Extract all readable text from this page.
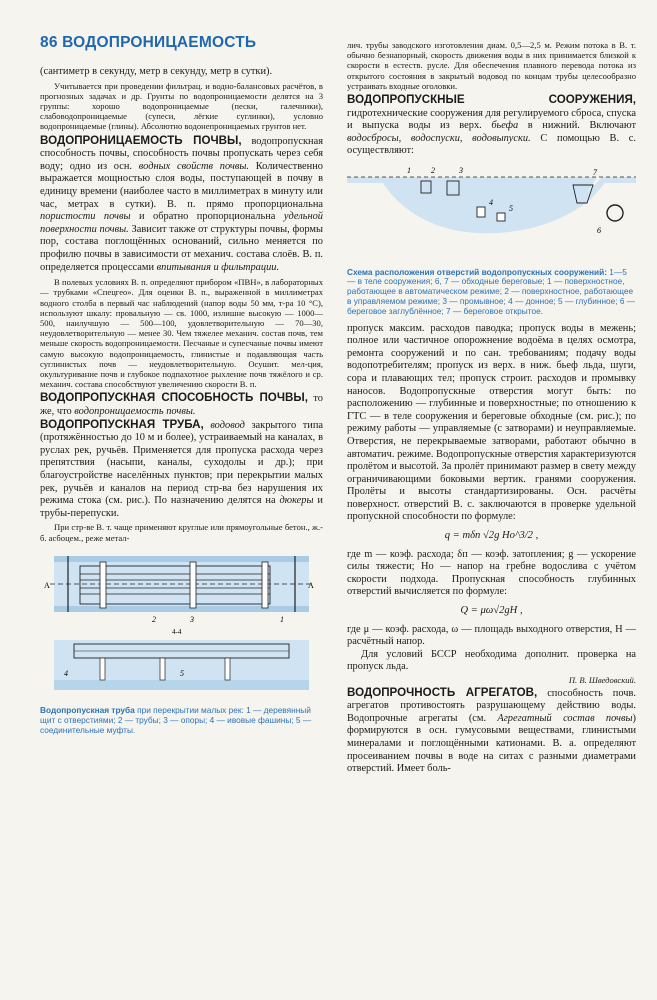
86 ВОДОПРОНИЦАЕМОСТЬ

(сантиметр в секунду, метр в секунду, метр в сутки).

Учитывается при проведении фильтрац. и водно-балансовых расчётов, в прогнозных задачах и др. Грунты по водопроницаемости делятся на 3 группы: хорошо водопроницаемые (пески, галечники), слабоводопроницаемые (супеси, лёгкие суглинки), условно водопроницаемые (глины). Абсолютно водонепроницаемых грунтов нет.

ВОДОПРОНИЦАЕМОСТЬ ПОЧВЫ, водопропускная способность почвы, способность почвы пропускать через себя воду; одно из осн. водных свойств почвы. Количественно выражается мощностью слоя воды, поступающей в почву в единицу времени (наиболее часто в миллиметрах в минуту или час, метрах в сутки). В. п. прямо пропорциональна пористости почвы и обратно пропорциональна удельной поверхности почвы. Зависит также от структуры почвы, формы пор, состава поглощённых оснований, сильно меняется по профилю почвы в зависимости от механич. состава слоёв. В. п. определяется процессами впитывания и фильтрации.

В полевых условиях В. п. определяют прибором «ПВН», в лабораторных — трубками «Спецгео». Для оценки В. п., выраженной в миллиметрах водного столба в первый час наблюдений (напор воды 50 мм, т-ра 10 °С), используют шкалу: провальную — св. 1000, излишне высокую — 1000—500, наилучшую — 500—100, удовлетворительную — 70—30, неудовлетворительную — менее 30. Чем тяжелее механич. состав почв, тем меньше скорость водопроницаемости. Песчаные и супесчаные почвы имеют самую высокую водопроницаемость, глинистые и подавляющая часть суглинистых почв — неудовлетворительную. Осушит. мел-ция, окультуривание почв и глубокое подпахотное рыхление почв тяжёлого и ср. механич. состава способствуют увеличению скорости В. п.

ВОДОПРОПУСКНАЯ СПОСОБНОСТЬ ПОЧВЫ, то же, что водопроницаемость почвы.

ВОДОПРОПУСКНАЯ ТРУБА, водовод закрытого типа (протяжённостью до 10 м и более), устраиваемый на каналах, в руслах рек, ручьёв. Применяется для пропуска расхода через препятствия (насыпи, каналы, суходолы и др.); при благоустройстве населённых пунктов; при перекрытии малых рек, ручьёв и каналов на период стр-ва без нарушения их режима стока (см. рис.). По назначению делятся на дюкеры и трубы-перепуски.

При стр-ве В. т. чаще применяют круглые или прямоугольные бетон., ж.-б. асбоцем., реже метал-

А	А
2	3	1
4-4
5
4
Водопропускная труба при перекрытии малых рек: 1 — деревянный щит с отверстиями; 2 — трубы; 3 — опоры; 4 — ивовые фашины; 5 — соединительные муфты.

лич. трубы заводского изготовления диам. 0,5—2,5 м. Режим потока в В. т. обычно безнапорный, скорость движения воды в них принимается близкой к скорости в естеств. русле. Для обеспечения плавного перевода потока из открытого состояния в закрытый водовод по концам трубы целесообразно устраивать входные оголовки.

ВОДОПРОПУСКНЫЕ СООРУЖЕНИЯ, гидротехнические сооружения для регулируемого сброса, спуска и выпуска воды из верх. бьефа в нижний. Включают водосбросы, водоспуски, водовыпуски. С помощью В. с. осуществляют:

1	2	3
4
5
6
7
Схема расположения отверстий водопропускных сооружений: 1—5 — в теле сооружения; 6, 7 — обходные береговые; 1 — поверхностное, работающее в автоматическом режиме; 2 — поверхностное, работающее в управляемом режиме; 3 — промывное; 4 — донное; 5 — глубинное; 6 — береговое заглублённое; 7 — береговое открытое.

пропуск максим. расходов паводка; пропуск воды в межень; полное или частичное опорожнение водоёма в целях осмотра, ремонта сооружений и по сан. требованиям; подачу воды водопотребителям; пропуск из верх. в ниж. бьеф льда, шуги, сора и плавающих тел; пропуск строит. расходов и промывку наносов. Водопропускные отверстия могут быть: по расположению — глубинные и поверхностные; по отношению к ГТС — в теле сооружения и береговые обходные (см. рис.); по режиму работы — управляемые (с затворами) и неуправляемые. Отверстия, не перекрываемые затворами, работают обычно в автоматич. режиме. Водопропускные отверстия характеризуются пролётом и высотой. За пролёт принимают размер в свету между ограничивающими боковыми вертик. гранями сооружения. Пролёты и высоты стандартизированы. Осн. расчёты поверхност. отверстий В. с. заключаются в проверке удельной пропускной способности по формуле:

q = mδп √2g Hо^3/2 ,

где m — коэф. расхода; δп — коэф. затопления; g — ускорение силы тяжести; Hо — напор на гребне водослива с учётом скорости подхода. Пропускная способность глубинных отверстий вычисляется по формуле:

Q = μω√2gH ,

где μ — коэф. расхода, ω — площадь выходного отверстия, H — расчётный напор.

Для условий БССР необходима дополнит. проверка на пропуск льда.

П. В. Шведовский.

ВОДОПРОЧНОСТЬ АГРЕГАТОВ, способность почв. агрегатов противостоять разрушающему действию воды. Водопрочные агрегаты (см. Агрегатный состав почвы) формируются в осн. гумусовыми веществами, глинистыми минералами и поглощёнными катионами. В. а. определяют просеиванием почвы в воде на ситах с разными диаметрами отверстий. Имеет боль-
